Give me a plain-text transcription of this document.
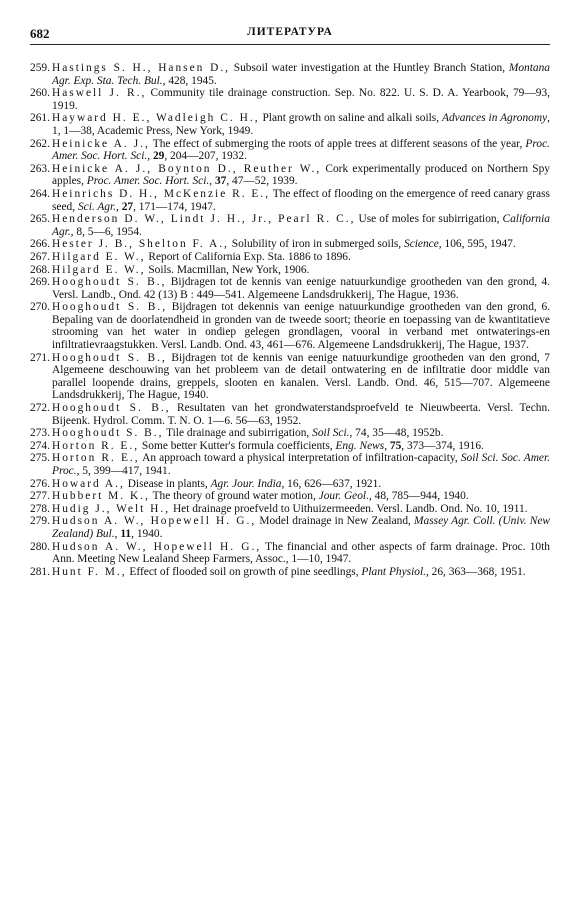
682	ЛИТЕРАТУРА

259. Hastings S. H., Hansen D., Subsoil water investigation at the Huntley Branch Station, Montana Agr. Exp. Sta. Tech. Bul., 428, 1945.

260. Haswell J. R., Community tile drainage construction. Sep. No. 822. U. S. D. A. Yearbook, 79—93, 1919.

261. Hayward H. E., Wadleigh C. H., Plant growth on saline and alkali soils, Advances in Agronomy, 1, 1—38, Academic Press, New York, 1949.

262. Heinicke A. J., The effect of submerging the roots of apple trees at different seasons of the year, Proc. Amer. Soc. Hort. Sci., 29, 204—207, 1932.

263. Heinicke A. J., Boynton D., Reuther W., Cork experimentally produced on Northern Spy apples, Proc. Amer. Soc. Hort. Sci., 37, 47—52, 1939.

264. Heinrichs D. H., McKenzie R. E., The effect of flooding on the emergence of reed canary grass seed, Sci. Agr., 27, 171—174, 1947.

265. Henderson D. W., Lindt J. H., Jr., Pearl R. C., Use of moles for subirrigation, California Agr., 8, 5—6, 1954.

266. Hester J. B., Shelton F. A., Solubility of iron in submerged soils, Science, 106, 595, 1947.

267. Hilgard E. W., Report of California Exp. Sta. 1886 to 1896.

268. Hilgard E. W., Soils. Macmillan, New York, 1906.

269. Hooghoudt S. B., Bijdragen tot de kennis van eenige natuurkundige grootheden van den grond, 4. Versl. Landb., Ond. 42 (13) B : 449—541. Algemeene Landsdrukkerij, The Hague, 1936.

270. Hooghoudt S. B., Bijdragen tot dekennis van eenige natuurkundige grootheden van den grond, 6. Bepaling van de doorlatendheid in gronden van de tweede soort; theorie en toepassing van de kwantitatieve strooming van het water in ondiep gelegen grondlagen, vooral in verband met ontwaterings-en infiltratievraagstukken. Versl. Landb. Ond. 43, 461—676. Algemeene Landsdrukkerij, The Hague, 1937.

271. Hooghoudt S. B., Bijdragen tot de kennis van eenige natuurkundige grootheden van den grond, 7 Algemeene deschouwing van het probleem van de detail ontwatering en de infiltratie door middle van parallel loopende drains, greppels, slooten en kanalen. Versl. Landb. Ond. 46, 515—707. Algemeene Landsdrukkerij, The Hague, 1940.

272. Hooghoudt S. B., Resultaten van het grondwaterstandsproefveld te Nieuwbeerta. Versl. Techn. Bijeenk. Hydrol. Comm. T. N. O. 1—6. 56—63, 1952.

273. Hooghoudt S. B., Tile drainage and subirrigation, Soil Sci., 74, 35—48, 1952b.

274. Horton R. E., Some better Kutter's formula coefficients, Eng. News, 75, 373—374, 1916.

275. Horton R. E., An approach toward a physical interpretation of infiltration-capacity, Soil Sci. Soc. Amer. Proc., 5, 399—417, 1941.

276. Howard A., Disease in plants, Agr. Jour. India, 16, 626—637, 1921.

277. Hubbert M. K., The theory of ground water motion, Jour. Geol., 48, 785—944, 1940.

278. Hudig J., Welt H., Het drainage proefveld to Uithuizermeeden. Versl. Landb. Ond. No. 10, 1911.

279. Hudson A. W., Hopewell H. G., Model drainage in New Zealand, Massey Agr. Coll. (Univ. New Zealand) Bul., 11, 1940.

280. Hudson A. W., Hopewell H. G., The financial and other aspects of farm drainage. Proc. 10th Ann. Meeting New Lealand Sheep Farmers, Assoc., 1—10, 1947.

281. Hunt F. M., Effect of flooded soil on growth of pine seedlings, Plant Physiol., 26, 363—368, 1951.
